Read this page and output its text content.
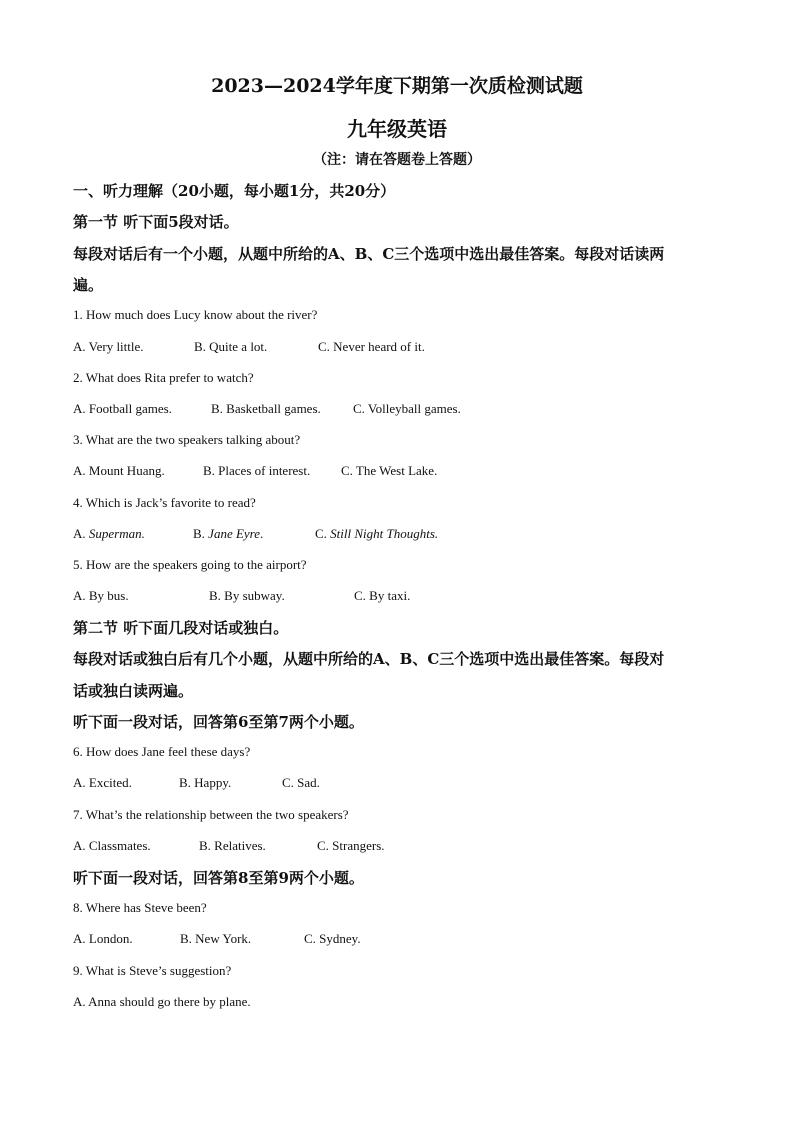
2023—2024学年度下期第一次质检测试题
九年级英语
（注：请在答题卷上答题）
一、听力理解（20小题，每小题1分，共20分）
第一节 听下面5段对话。
每段对话后有一个小题，从题中所给的A、B、C三个选项中选出最佳答案。每段对话读两
遍。
1. How much does Lucy know about the river?
A. Very little.	B. Quite a lot.	C. Never heard of it.
2. What does Rita prefer to watch?
A. Football games.	B. Basketball games. C. Volleyball games.
3. What are the two speakers talking about?
A. Mount Huang.	B. Places of interest. C. The West Lake.
4. Which is Jack’s favorite to read?
A. Superman.	B. Jane Eyre.	C. Still Night Thoughts.
5. How are the speakers going to the airport?
A. By bus.	B. By subway.	C. By taxi.
第二节 听下面几段对话或独白。
每段对话或独白后有几个小题，从题中所给的A、B、C三个选项中选出最佳答案。每段对
话或独白读两遍。
听下面一段对话，回答第6至第7两个小题。
6. How does Jane feel these days?
A. Excited.	B. Happy.	C. Sad.
7. What’s the relationship between the two speakers?
A. Classmates.	B. Relatives.	C. Strangers.
听下面一段对话，回答第8至第9两个小题。
8. Where has Steve been?
A. London.	B. New York.	C. Sydney.
9. What is Steve’s suggestion?
A. Anna should go there by plane.
